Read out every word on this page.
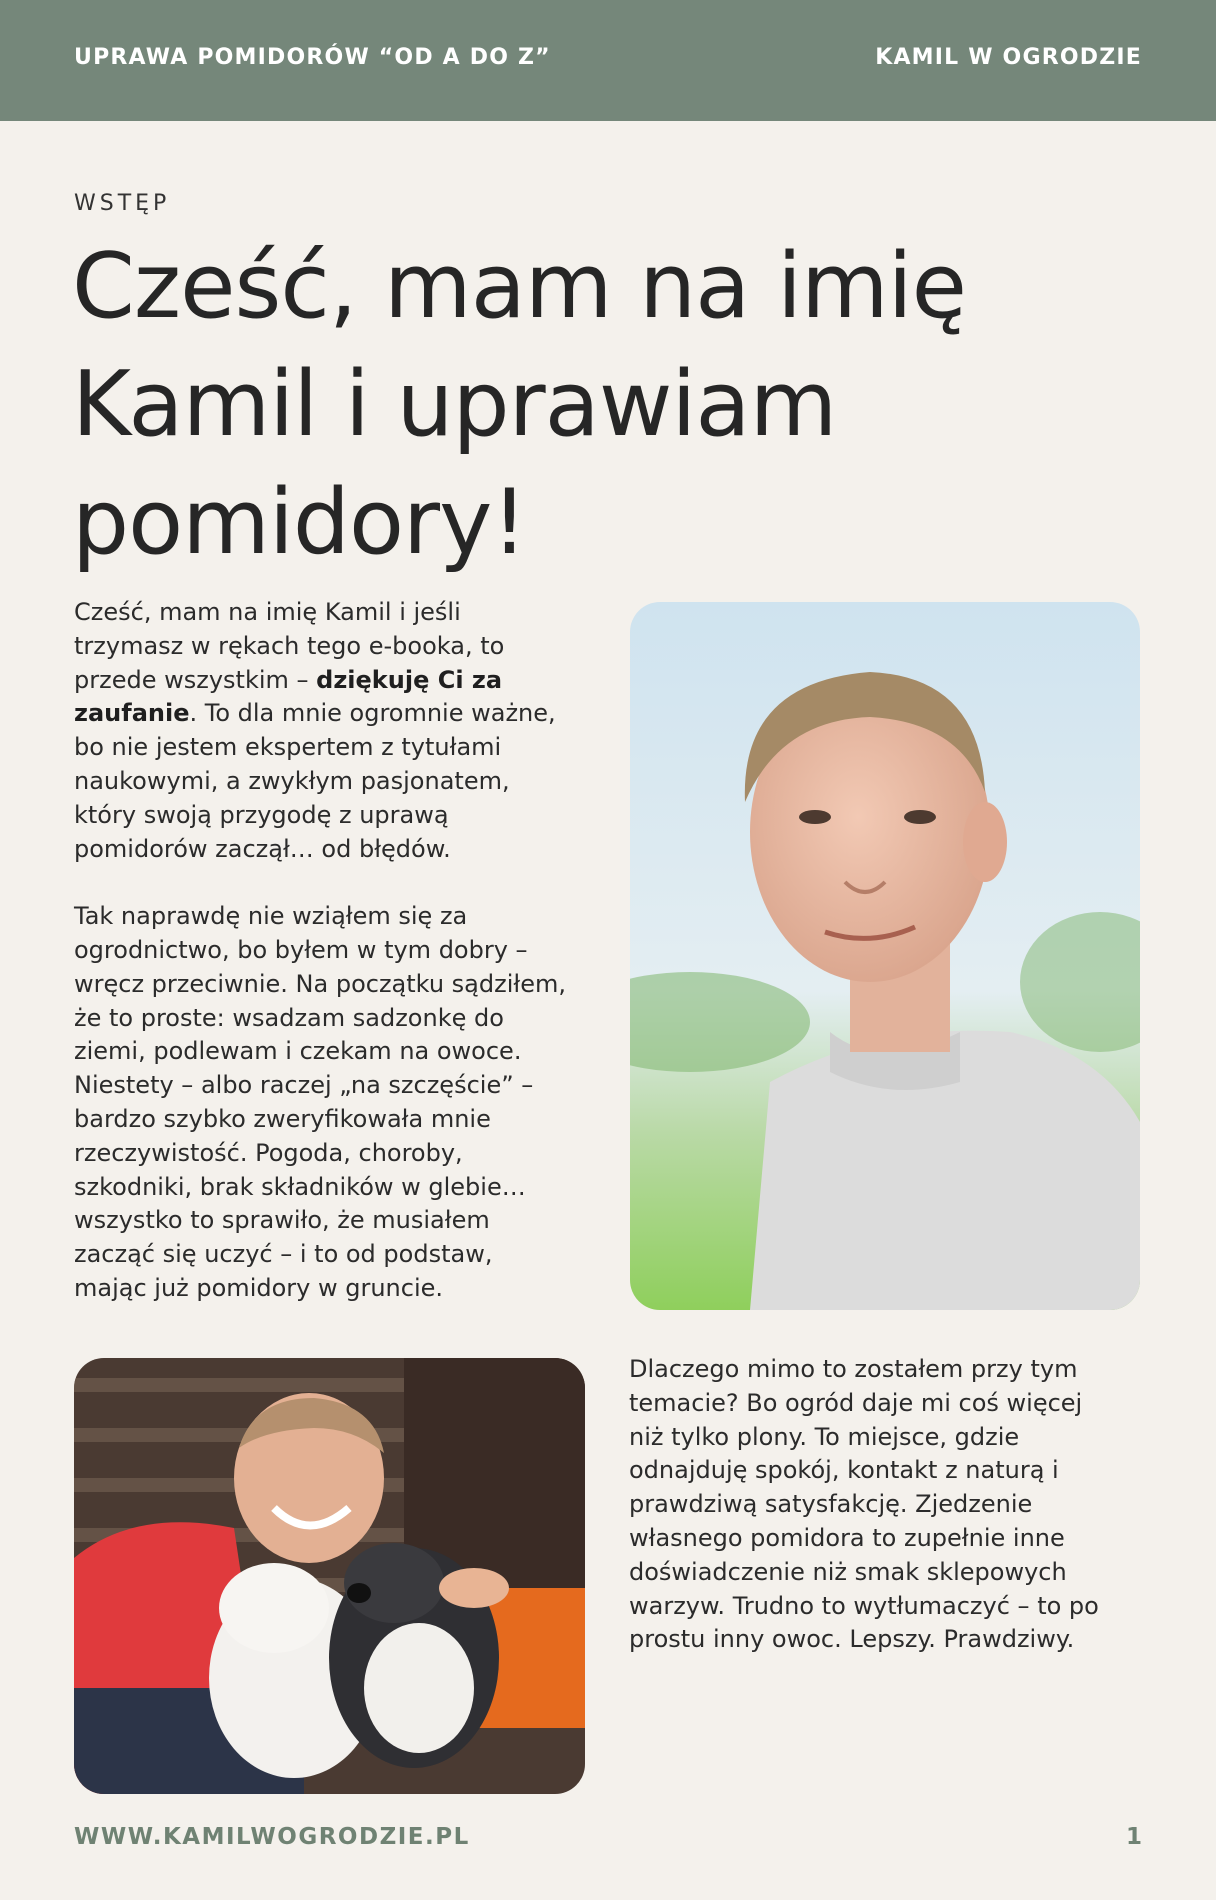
UPRAWA POMIDORÓW “OD A DO Z”	KAMIL W OGRODZIE
WSTĘP
Cześć, mam na imię
Kamil i uprawiam
pomidory!
Cześć, mam na imię Kamil i jeśli
trzymasz w rękach tego e-booka, to
przede wszystkim – dziękuję Ci za
zaufanie. To dla mnie ogromnie ważne,
bo nie jestem ekspertem z tytułami
naukowymi, a zwykłym pasjonatem,
który swoją przygodę z uprawą
pomidorów zaczął… od błędów.
Tak naprawdę nie wziąłem się za
ogrodnictwo, bo byłem w tym dobry –
wręcz przeciwnie. Na początku sądziłem,
że to proste: wsadzam sadzonkę do
ziemi, podlewam i czekam na owoce.
Niestety – albo raczej „na szczęście” –
bardzo szybko zweryfikowała mnie
rzeczywistość. Pogoda, choroby,
szkodniki, brak składników w glebie…
wszystko to sprawiło, że musiałem
zacząć się uczyć – i to od podstaw,
mając już pomidory w gruncie.
Dlaczego mimo to zostałem przy tym
temacie? Bo ogród daje mi coś więcej
niż tylko plony. To miejsce, gdzie
odnajduję spokój, kontakt z naturą i
prawdziwą satysfakcję. Zjedzenie
własnego pomidora to zupełnie inne
doświadczenie niż smak sklepowych
warzyw. Trudno to wytłumaczyć – to po
prostu inny owoc. Lepszy. Prawdziwy.
WWW.KAMILWOGRODZIE.PL	1
